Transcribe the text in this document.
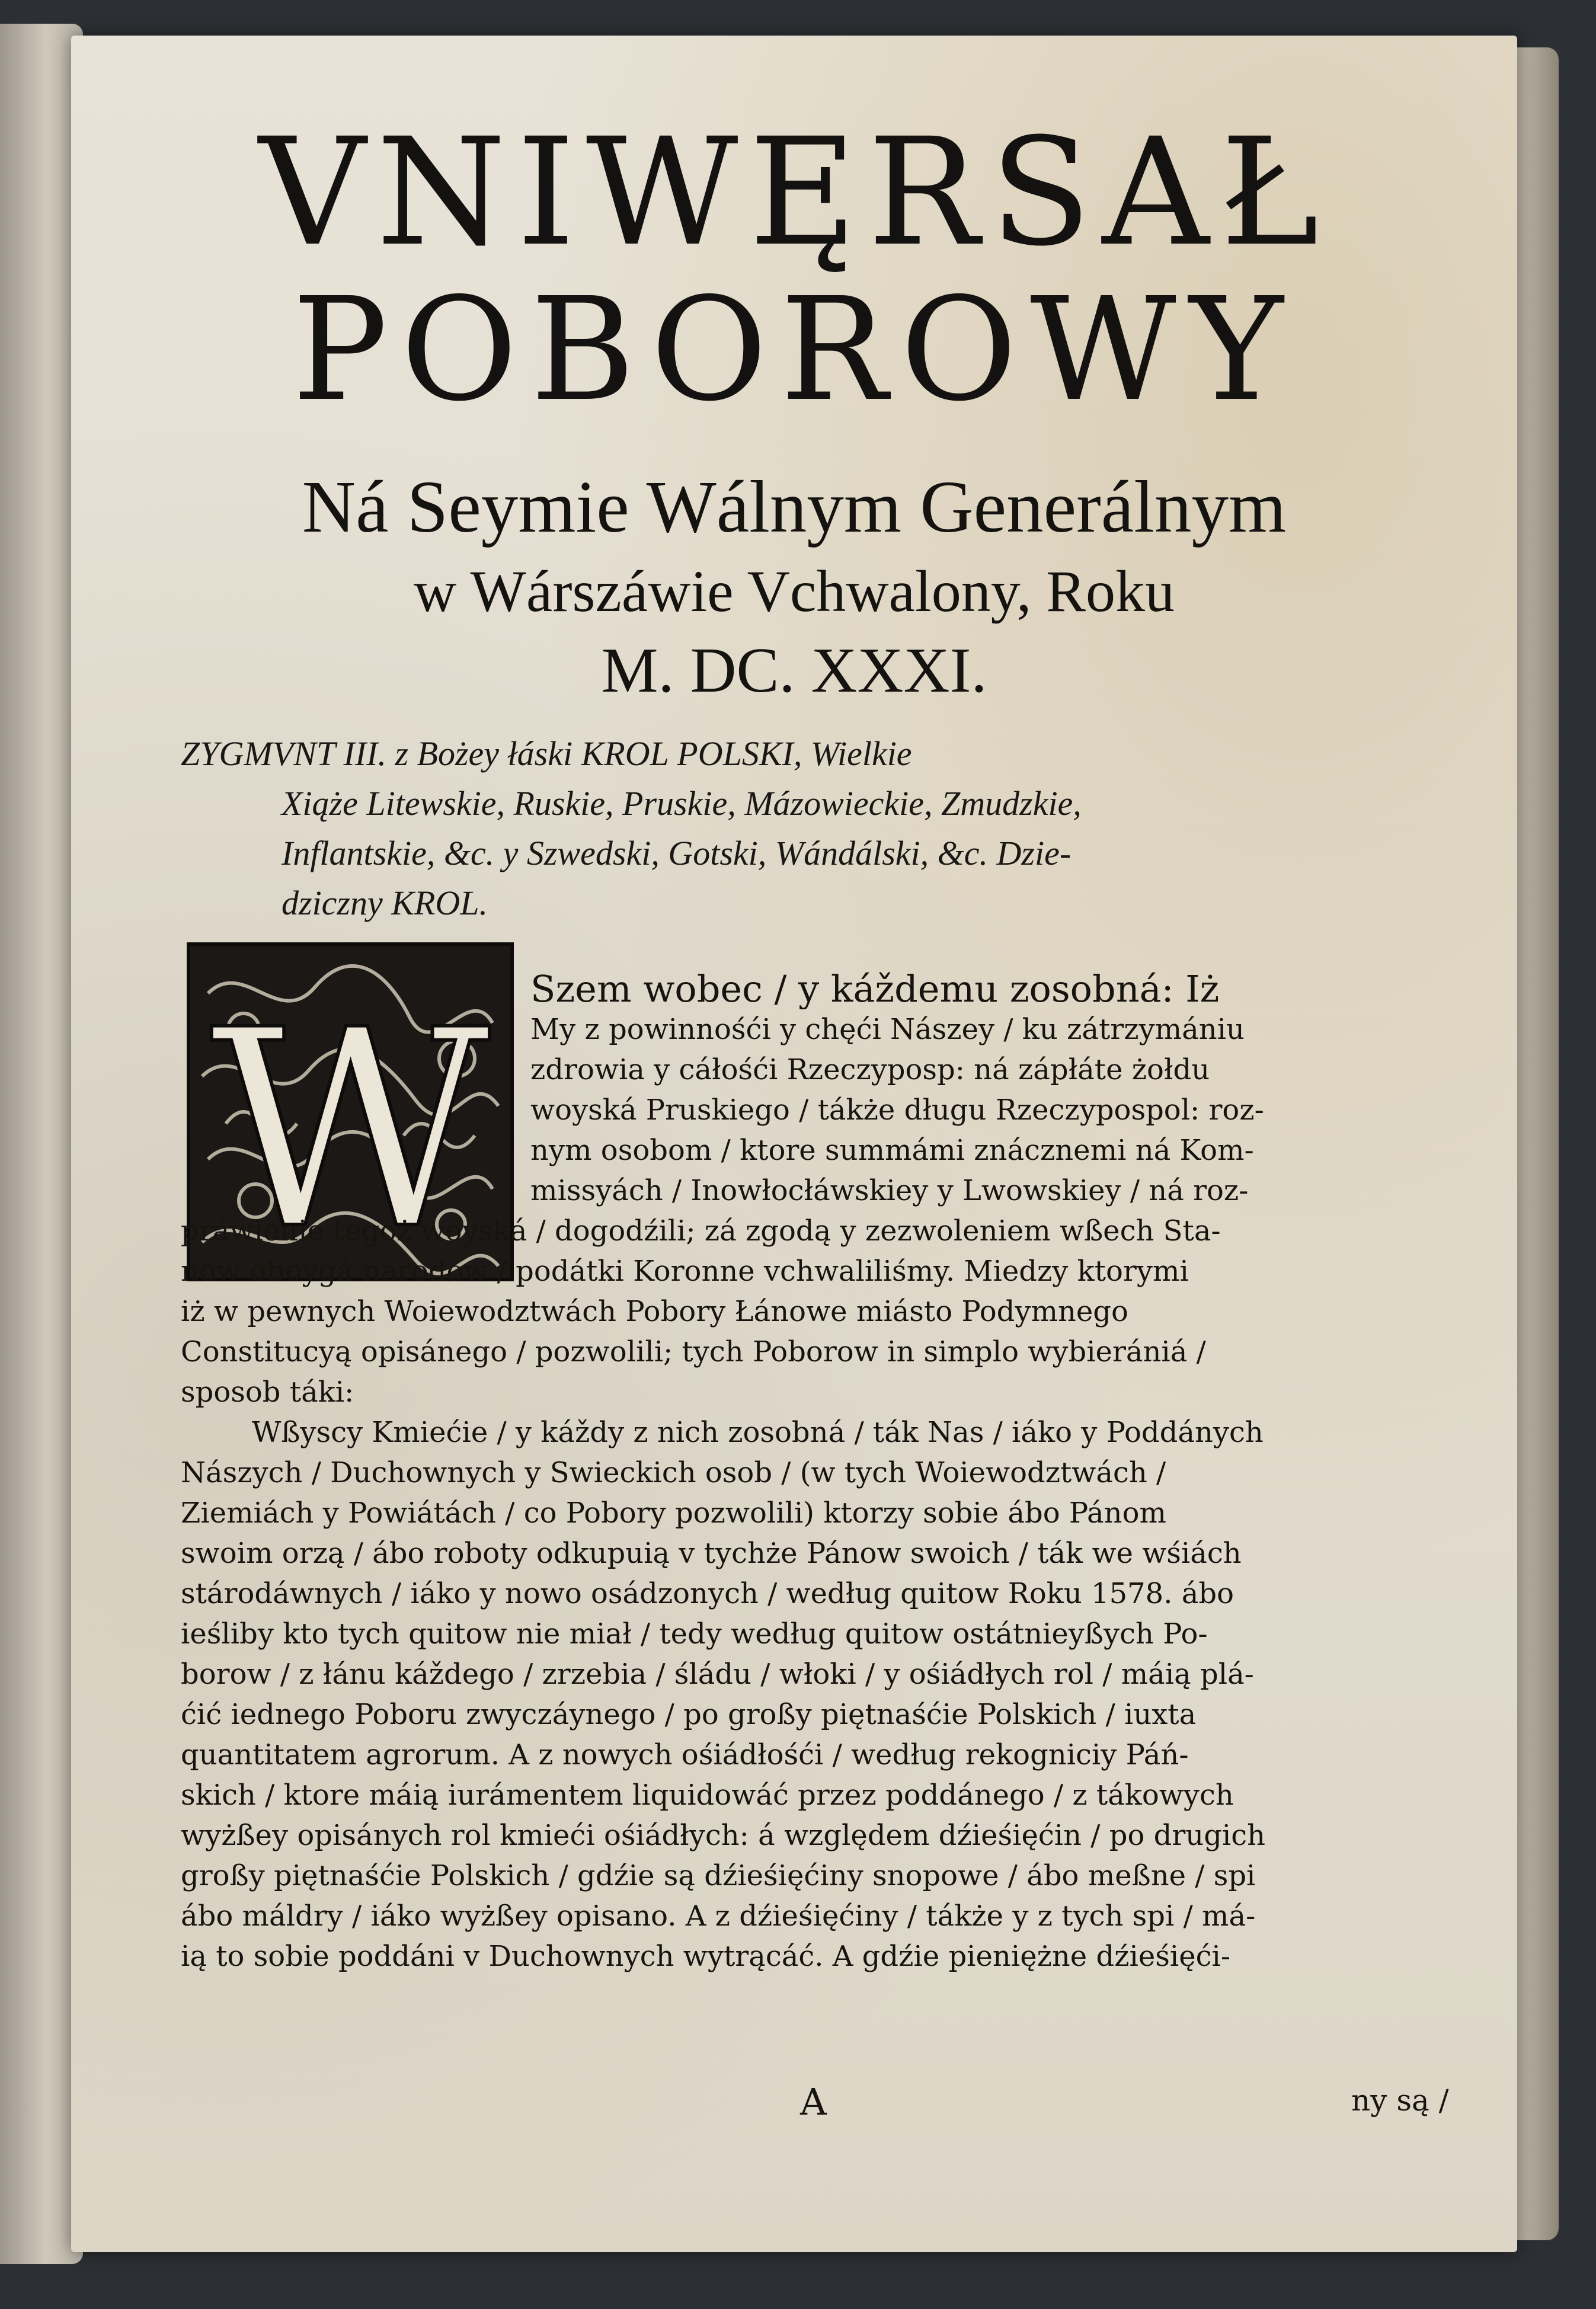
VNIWĘRSAŁ
POBOROWY
Ná Seymie Wálnym Generálnym
w Wárszáwie Vchwalony, Roku
M. DC. XXXI.
ZYGMVNT III. z Bożey łáski KROL POLSKI, Wielkie
Xiąże Litewskie, Ruskie, Pruskie, Mázowieckie, Zmudzkie,
Inflantskie, &c. y Szwedski, Gotski, Wándálski, &c. Dzie-
dziczny KROL.
W	Szem wobec / y káždemu zosobná: Iż
My z powinnośći y chęći Nászey / ku zátrzymániu
zdrowia y cáłośći Rzeczyposp: ná zápłáte żołdu
woyská Pruskiego / tákże długu Rzeczypospol: roz-
nym osobom / ktore summámi znácznemi ná Kom-
missyách / Inowłocłáwskiey y Lwowskiey / ná roz-
práwienie tegoż woyská / dogodźili; zá zgodą y zezwoleniem wßech Sta-
now oboygá narodow / podátki Koronne vchwaliliśmy. Miedzy ktorymi
iż w pewnych Woiewodztwách Pobory Łánowe miásto Podymnego
Constitucyą opisánego / pozwolili; tych Poborow in simplo wybierániá /
sposob táki:
Wßyscy Kmiećie / y káždy z nich zosobná / ták Nas / iáko y Poddánych
Nászych / Duchownych y Swieckich osob / (w tych Woiewodztwách /
Ziemiách y Powiátách / co Pobory pozwolili) ktorzy sobie ábo Pánom
swoim orzą / ábo roboty odkupuią v tychże Pánow swoich / ták we wśiách
stárodáwnych / iáko y nowo osádzonych / według quitow Roku 1578. ábo
ieśliby kto tych quitow nie miał / tedy według quitow ostátnieyßych Po-
borow / z łánu káždego / zrzebia / śládu / włoki / y ośiádłych rol / máią plá-
ćić iednego Poboru zwyczáynego / po großy piętnaśćie Polskich / iuxta
quantitatem agrorum. A z nowych ośiádłośći / według rekogniciy Páń-
skich / ktore máią iurámentem liquidowáć przez poddánego / z tákowych
wyżßey opisánych rol kmieći ośiádłych: á względem dźieśięćin / po drugich
großy piętnaśćie Polskich / gdźie są dźieśięćiny snopowe / ábo meßne / spi
ábo máldry / iáko wyżßey opisano. A z dźieśięćiny / tákże y z tych spi / má-
ią to sobie poddáni v Duchownych wytrącáć. A gdźie pieniężne dźieśięći-
A	ny są /
